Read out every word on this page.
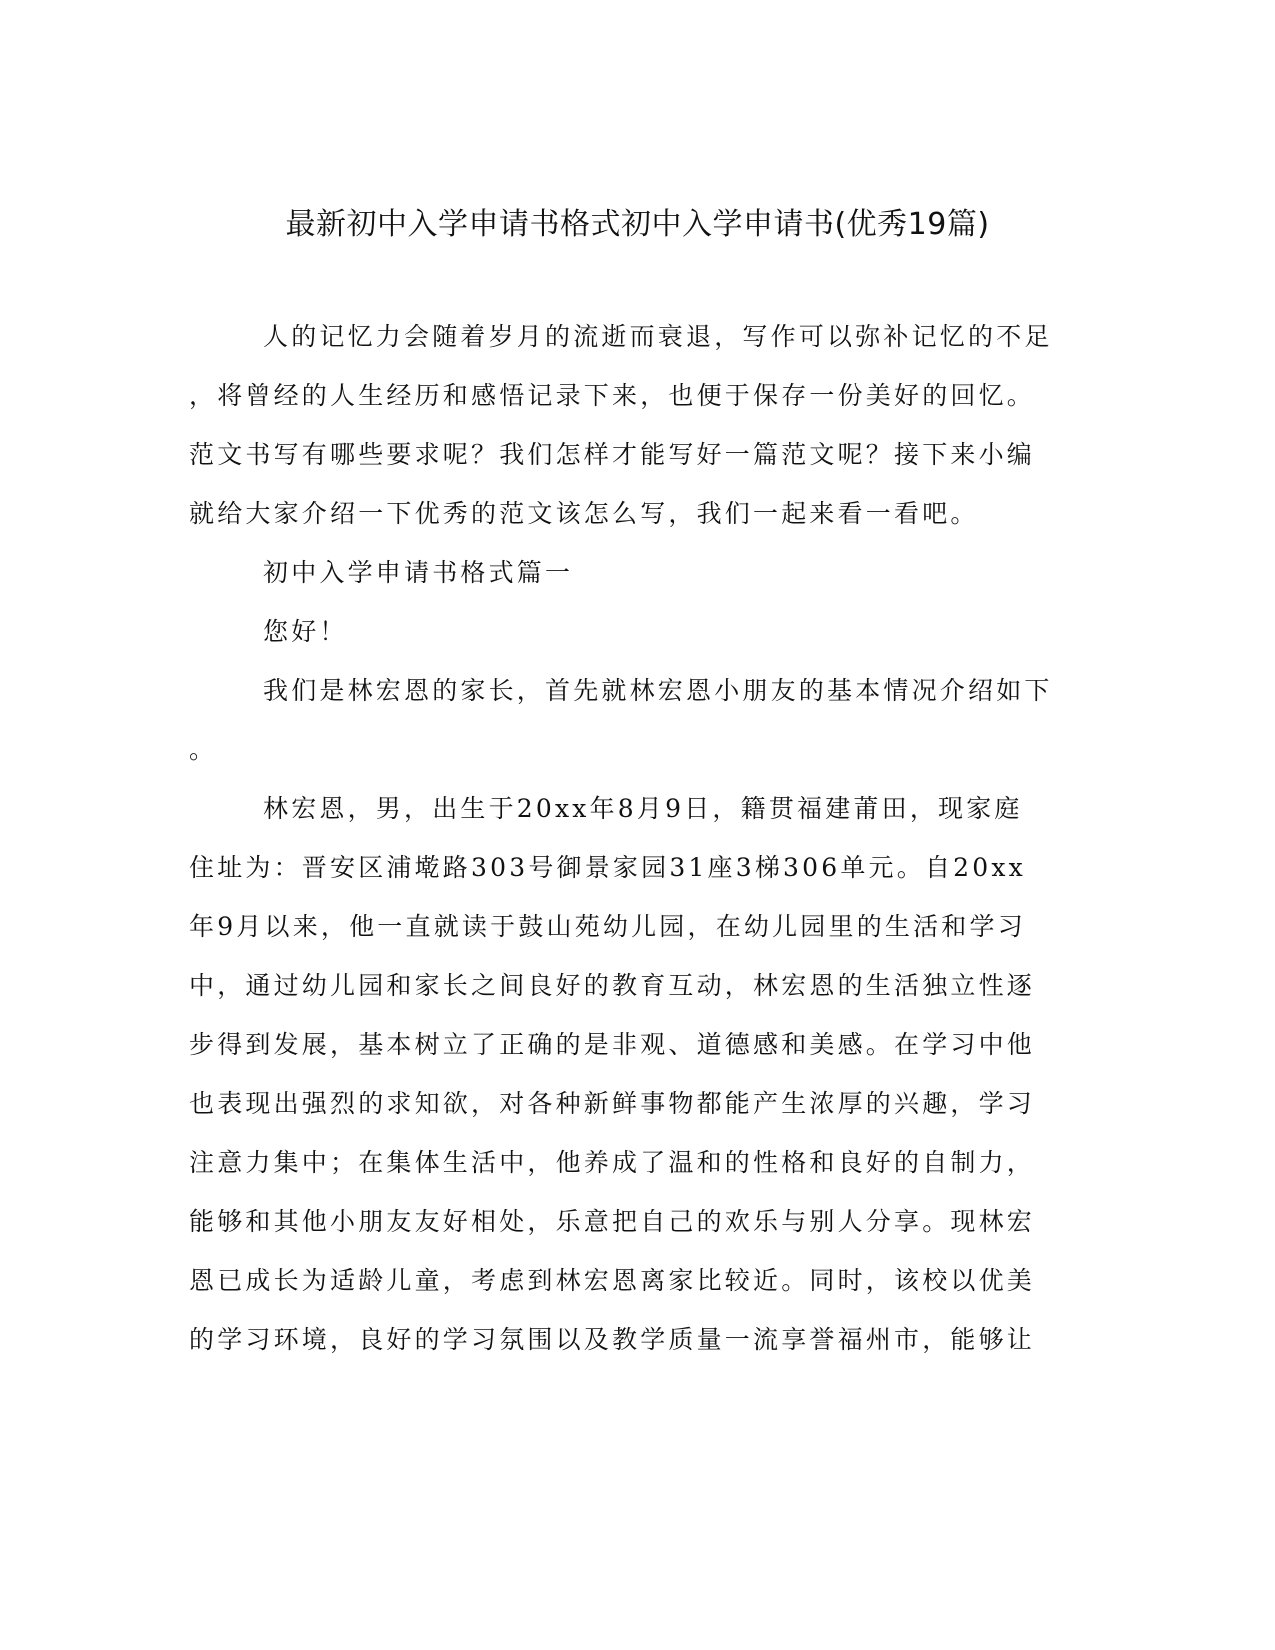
最新初中入学申请书格式初中入学申请书(优秀19篇)

人的记忆力会随着岁月的流逝而衰退，写作可以弥补记忆的不足

，将曾经的人生经历和感悟记录下来，也便于保存一份美好的回忆。

范文书写有哪些要求呢？我们怎样才能写好一篇范文呢？接下来小编

就给大家介绍一下优秀的范文该怎么写，我们一起来看一看吧。

初中入学申请书格式篇一

您好！

我们是林宏恩的家长，首先就林宏恩小朋友的基本情况介绍如下

。

林宏恩，男，出生于20xx年8月9日，籍贯福建莆田，现家庭

住址为：晋安区浦墘路303号御景家园31座3梯306单元。自20xx

年9月以来，他一直就读于鼓山苑幼儿园，在幼儿园里的生活和学习

中，通过幼儿园和家长之间良好的教育互动，林宏恩的生活独立性逐

步得到发展，基本树立了正确的是非观、道德感和美感。在学习中他

也表现出强烈的求知欲，对各种新鲜事物都能产生浓厚的兴趣，学习

注意力集中；在集体生活中，他养成了温和的性格和良好的自制力，

能够和其他小朋友友好相处，乐意把自己的欢乐与别人分享。现林宏

恩已成长为适龄儿童，考虑到林宏恩离家比较近。同时，该校以优美

的学习环境，良好的学习氛围以及教学质量一流享誉福州市，能够让
